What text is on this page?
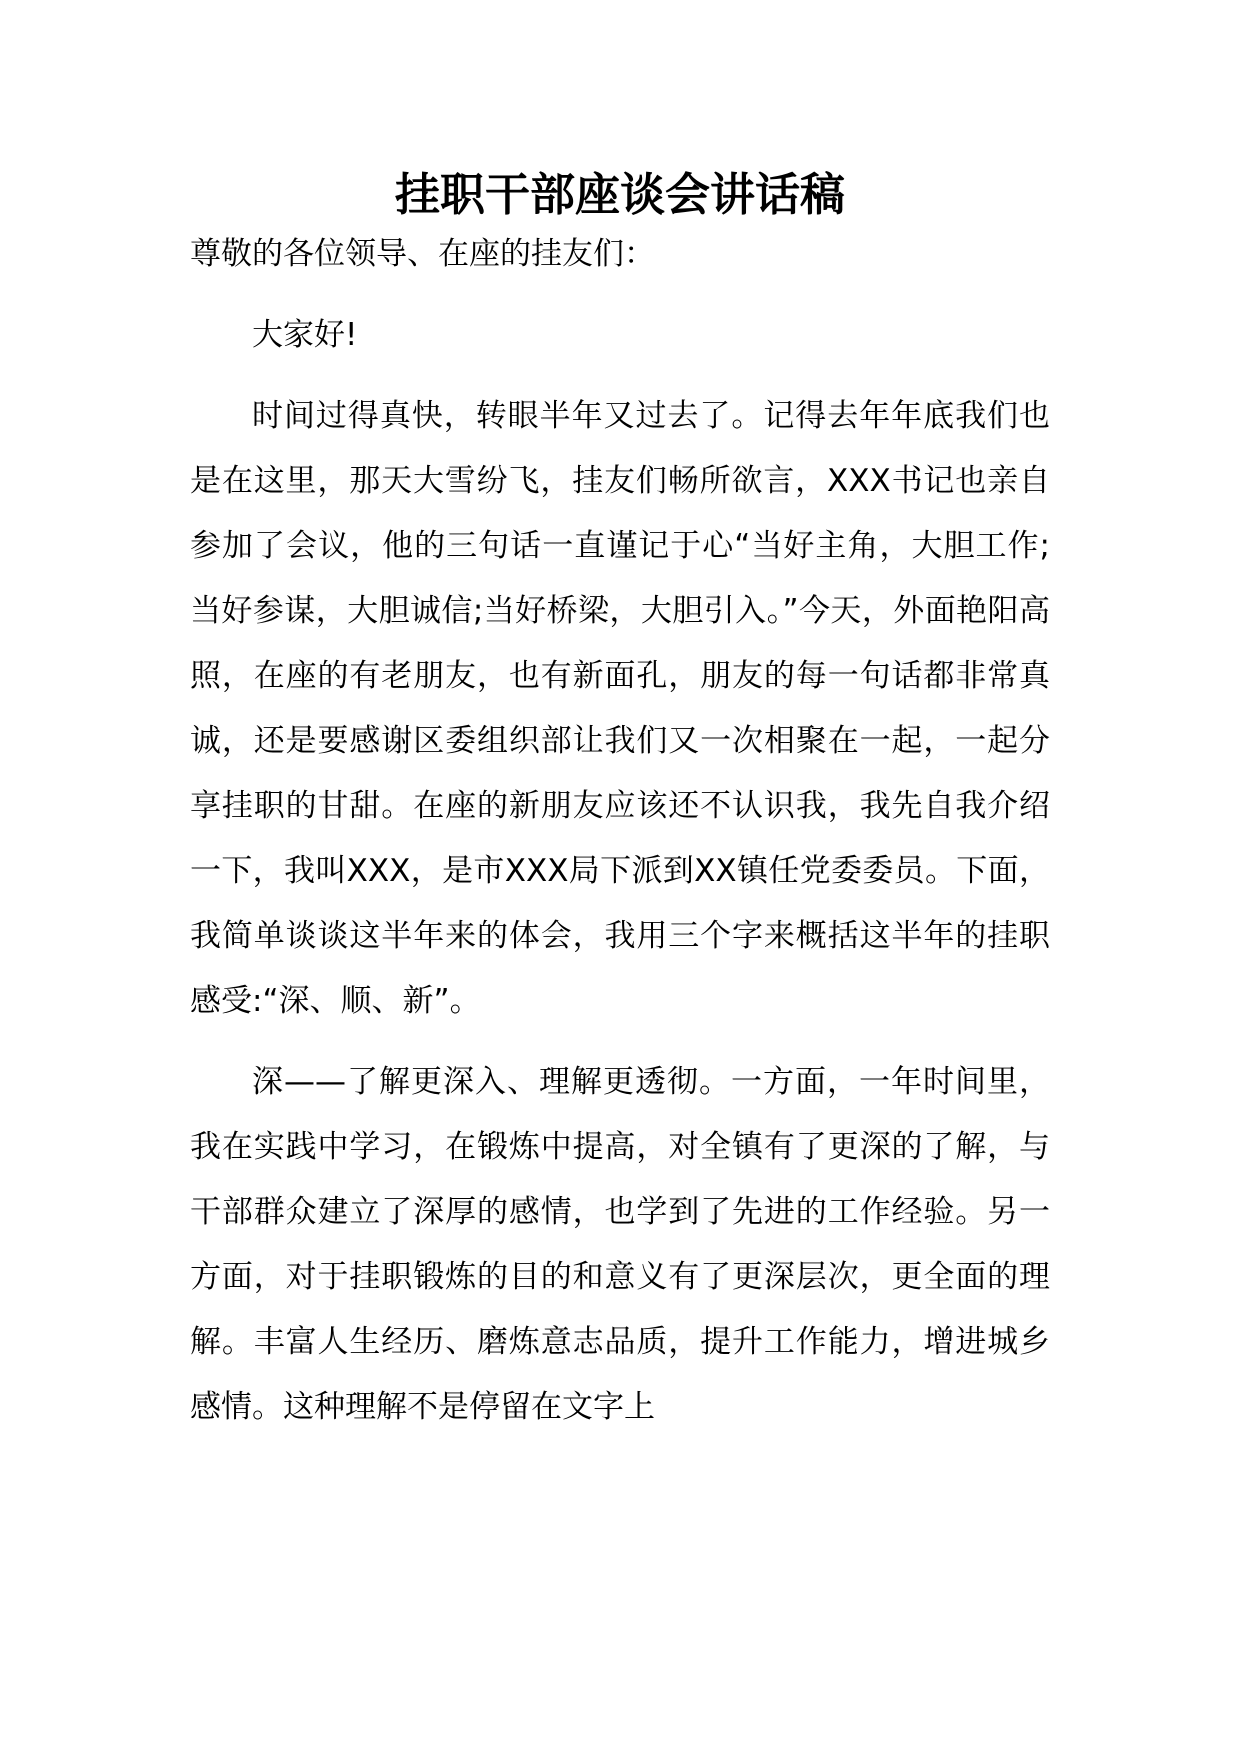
挂职干部座谈会讲话稿

尊敬的各位领导、在座的挂友们：

大家好!

时间过得真快，转眼半年又过去了。记得去年年底我们也是在这里，那天大雪纷飞，挂友们畅所欲言，XXX书记也亲自参加了会议，他的三句话一直谨记于心“当好主角，大胆工作;当好参谋，大胆诚信;当好桥梁，大胆引入。”今天，外面艳阳高照，在座的有老朋友，也有新面孔，朋友的每一句话都非常真诚，还是要感谢区委组织部让我们又一次相聚在一起，一起分享挂职的甘甜。在座的新朋友应该还不认识我，我先自我介绍一下，我叫XXX，是市XXX局下派到XX镇任党委委员。下面，我简单谈谈这半年来的体会，我用三个字来概括这半年的挂职感受:“深、顺、新”。

深——了解更深入、理解更透彻。一方面，一年时间里，我在实践中学习，在锻炼中提高，对全镇有了更深的了解，与干部群众建立了深厚的感情，也学到了先进的工作经验。另一方面，对于挂职锻炼的目的和意义有了更深层次，更全面的理解。丰富人生经历、磨炼意志品质，提升工作能力，增进城乡感情。这种理解不是停留在文字上
